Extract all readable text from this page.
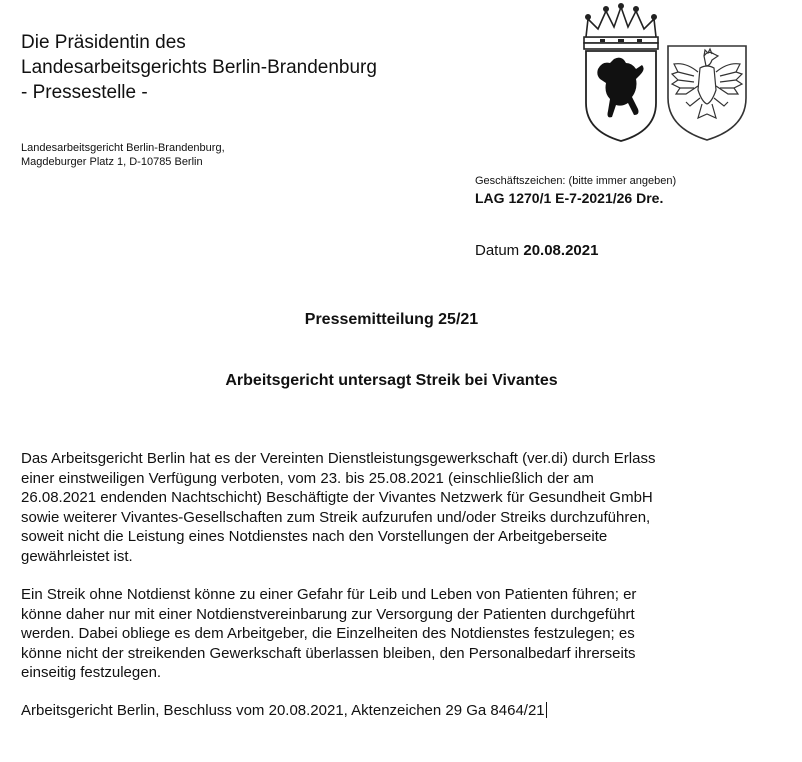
Die Präsidentin des
Landesarbeitsgerichts Berlin-Brandenburg
- Pressestelle -
Landesarbeitsgericht Berlin-Brandenburg,
Magdeburger Platz 1, D-10785 Berlin
Geschäftszeichen: (bitte immer angeben)
LAG 1270/1 E-7-2021/26 Dre.
Datum 20.08.2021
Pressemitteilung 25/21
Arbeitsgericht untersagt Streik bei Vivantes
Das Arbeitsgericht Berlin hat es der Vereinten Dienstleistungsgewerkschaft (ver.di) durch Erlass
einer einstweiligen Verfügung verboten, vom 23. bis 25.08.2021 (einschließlich der am
26.08.2021 endenden Nachtschicht) Beschäftigte der Vivantes Netzwerk für Gesundheit GmbH
sowie weiterer Vivantes-Gesellschaften zum Streik aufzurufen und/oder Streiks durchzuführen,
soweit nicht die Leistung eines Notdienstes nach den Vorstellungen der Arbeitgeberseite
gewährleistet ist.
Ein Streik ohne Notdienst könne zu einer Gefahr für Leib und Leben von Patienten führen; er
könne daher nur mit einer Notdienstvereinbarung zur Versorgung der Patienten durchgeführt
werden. Dabei obliege es dem Arbeitgeber, die Einzelheiten des Notdienstes festzulegen; es
könne nicht der streikenden Gewerkschaft überlassen bleiben, den Personalbedarf ihrerseits
einseitig festzulegen.
Arbeitsgericht Berlin, Beschluss vom 20.08.2021, Aktenzeichen 29 Ga 8464/21
